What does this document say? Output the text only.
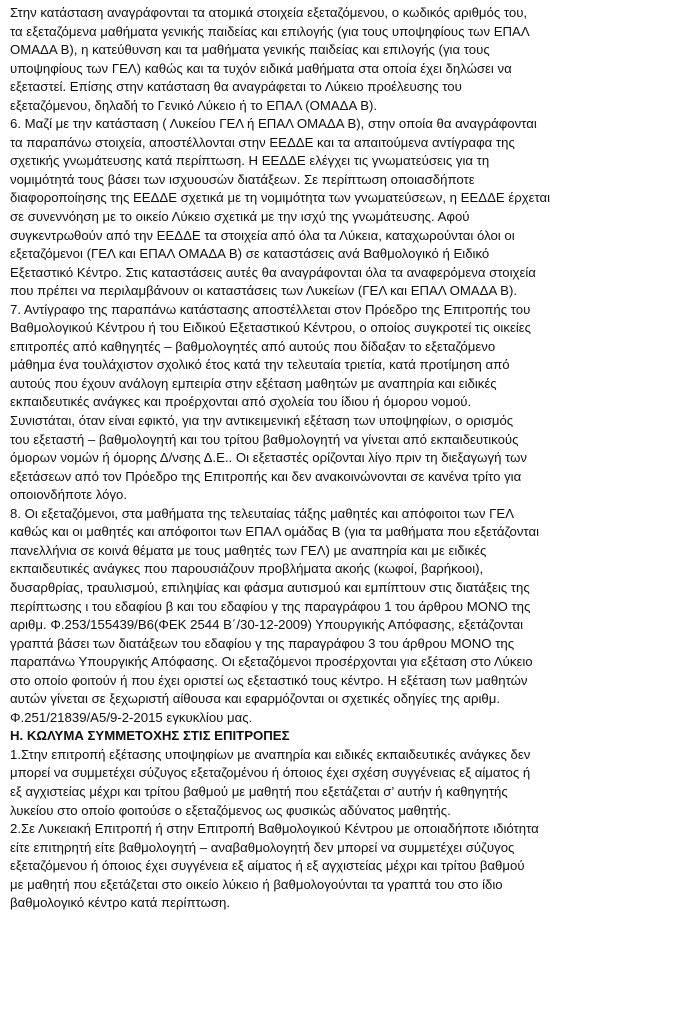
Στην κατάσταση αναγράφονται τα ατομικά στοιχεία εξεταζόμενου, ο κωδικός αριθμός του,
τα εξεταζόμενα μαθήματα γενικής παιδείας και επιλογής (για τους υποψηφίους των ΕΠΑΛ
ΟΜΑΔΑ Β), η κατεύθυνση και τα μαθήματα γενικής παιδείας και επιλογής (για τους
υποψηφίους των ΓΕΛ) καθώς και τα τυχόν ειδικά μαθήματα στα οποία έχει δηλώσει να
εξεταστεί. Επίσης στην κατάσταση θα αναγράφεται το Λύκειο προέλευσης του
εξεταζόμενου, δηλαδή το Γενικό Λύκειο ή το ΕΠΑΛ (ΟΜΑΔΑ Β).
6. Μαζί με την κατάσταση ( Λυκείου ΓΕΛ ή ΕΠΑΛ ΟΜΑΔΑ Β), στην οποία θα αναγράφονται
τα παραπάνω στοιχεία, αποστέλλονται στην ΕΕΔΔΕ και τα απαιτούμενα αντίγραφα της
σχετικής γνωμάτευσης κατά περίπτωση. Η ΕΕΔΔΕ ελέγχει τις γνωματεύσεις για τη
νομιμότητά τους βάσει των ισχυουσών διατάξεων. Σε περίπτωση οποιασδήποτε
διαφοροποίησης της ΕΕΔΔΕ σχετικά με τη νομιμότητα των γνωματεύσεων, η ΕΕΔΔΕ έρχεται
σε συνεννόηση με το οικείο Λύκειο σχετικά με την ισχύ της γνωμάτευσης. Αφού
συγκεντρωθούν από την ΕΕΔΔΕ τα στοιχεία από όλα τα Λύκεια, καταχωρούνται όλοι οι
εξεταζόμενοι (ΓΕΛ και ΕΠΑΛ ΟΜΑΔΑ Β) σε καταστάσεις ανά Βαθμολογικό ή Ειδικό
Εξεταστικό Κέντρο. Στις καταστάσεις αυτές θα αναγράφονται όλα τα αναφερόμενα στοιχεία
που πρέπει να περιλαμβάνουν οι καταστάσεις των Λυκείων (ΓΕΛ και ΕΠΑΛ ΟΜΑΔΑ Β).
7. Αντίγραφο της παραπάνω κατάστασης αποστέλλεται στον Πρόεδρο της Επιτροπής του
Βαθμολογικού Κέντρου ή του Ειδικού Εξεταστικού Κέντρου, ο οποίος συγκροτεί τις οικείες
επιτροπές από καθηγητές – βαθμολογητές από αυτούς που δίδαξαν το εξεταζόμενο
μάθημα ένα τουλάχιστον σχολικό έτος κατά την τελευταία τριετία, κατά προτίμηση από
αυτούς που έχουν ανάλογη εμπειρία στην εξέταση μαθητών με αναπηρία και ειδικές
εκπαιδευτικές ανάγκες και προέρχονται από σχολεία του ίδιου ή όμορου νομού.
Συνιστάται, όταν είναι εφικτό, για την αντικειμενική εξέταση των υποψηφίων, ο ορισμός
του εξεταστή – βαθμολογητή και του τρίτου βαθμολογητή να γίνεται από εκπαιδευτικούς
όμορων νομών ή όμορης Δ/νσης Δ.Ε.. Οι εξεταστές ορίζονται λίγο πριν τη διεξαγωγή των
εξετάσεων από τον Πρόεδρο της Επιτροπής και δεν ανακοινώνονται σε κανένα τρίτο για
οποιονδήποτε λόγο.
8. Οι εξεταζόμενοι, στα μαθήματα της τελευταίας τάξης μαθητές και απόφοιτοι των ΓΕΛ
καθώς και οι μαθητές και απόφοιτοι των ΕΠΑΛ ομάδας Β (για τα μαθήματα που εξετάζονται
πανελλήνια σε κοινά θέματα με τους μαθητές των ΓΕΛ) με αναπηρία και με ειδικές
εκπαιδευτικές ανάγκες που παρουσιάζουν προβλήματα ακοής (κωφοί, βαρήκοοι),
δυσαρθρίας, τραυλισμού, επιληψίας και φάσμα αυτισμού και εμπίπτουν στις διατάξεις της
περίπτωσης ι του εδαφίου β και του εδαφίου γ της παραγράφου 1 του άρθρου ΜΟΝΟ της
αριθμ. Φ.253/155439/Β6(ΦΕΚ 2544 Β΄/30-12-2009) Υπουργικής Απόφασης, εξετάζονται
γραπτά βάσει των διατάξεων του εδαφίου γ της παραγράφου 3 του άρθρου ΜΟΝΟ της
παραπάνω Υπουργικής Απόφασης. Οι εξεταζόμενοι προσέρχονται για εξέταση στο Λύκειο
στο οποίο φοιτούν ή που έχει οριστεί ως εξεταστικό τους κέντρο. Η εξέταση των μαθητών
αυτών γίνεται σε ξεχωριστή αίθουσα και εφαρμόζονται οι σχετικές οδηγίες της αριθμ.
Φ.251/21839/Α5/9-2-2015 εγκυκλίου μας.
Η. ΚΩΛΥΜΑ ΣΥΜΜΕΤΟΧΗΣ ΣΤΙΣ ΕΠΙΤΡΟΠΕΣ
1.Στην επιτροπή εξέτασης υποψηφίων με αναπηρία και ειδικές εκπαιδευτικές ανάγκες δεν
μπορεί να συμμετέχει σύζυγος εξεταζομένου ή όποιος έχει σχέση συγγένειας εξ αίματος ή
εξ αγχιστείας μέχρι και τρίτου βαθμού με μαθητή που εξετάζεται σ’ αυτήν ή καθηγητής
λυκείου στο οποίο φοιτούσε ο εξεταζόμενος ως φυσικώς αδύνατος μαθητής.
2.Σε Λυκειακή Επιτροπή ή στην Επιτροπή Βαθμολογικού Κέντρου με οποιαδήποτε ιδιότητα
είτε επιτηρητή είτε βαθμολογητή – αναβαθμολογητή δεν μπορεί να συμμετέχει σύζυγος
εξεταζόμενου ή όποιος έχει συγγένεια εξ αίματος ή εξ αγχιστείας μέχρι και τρίτου βαθμού
με μαθητή που εξετάζεται στο οικείο λύκειο ή βαθμολογούνται τα γραπτά του στο ίδιο
βαθμολογικό κέντρο κατά περίπτωση.
